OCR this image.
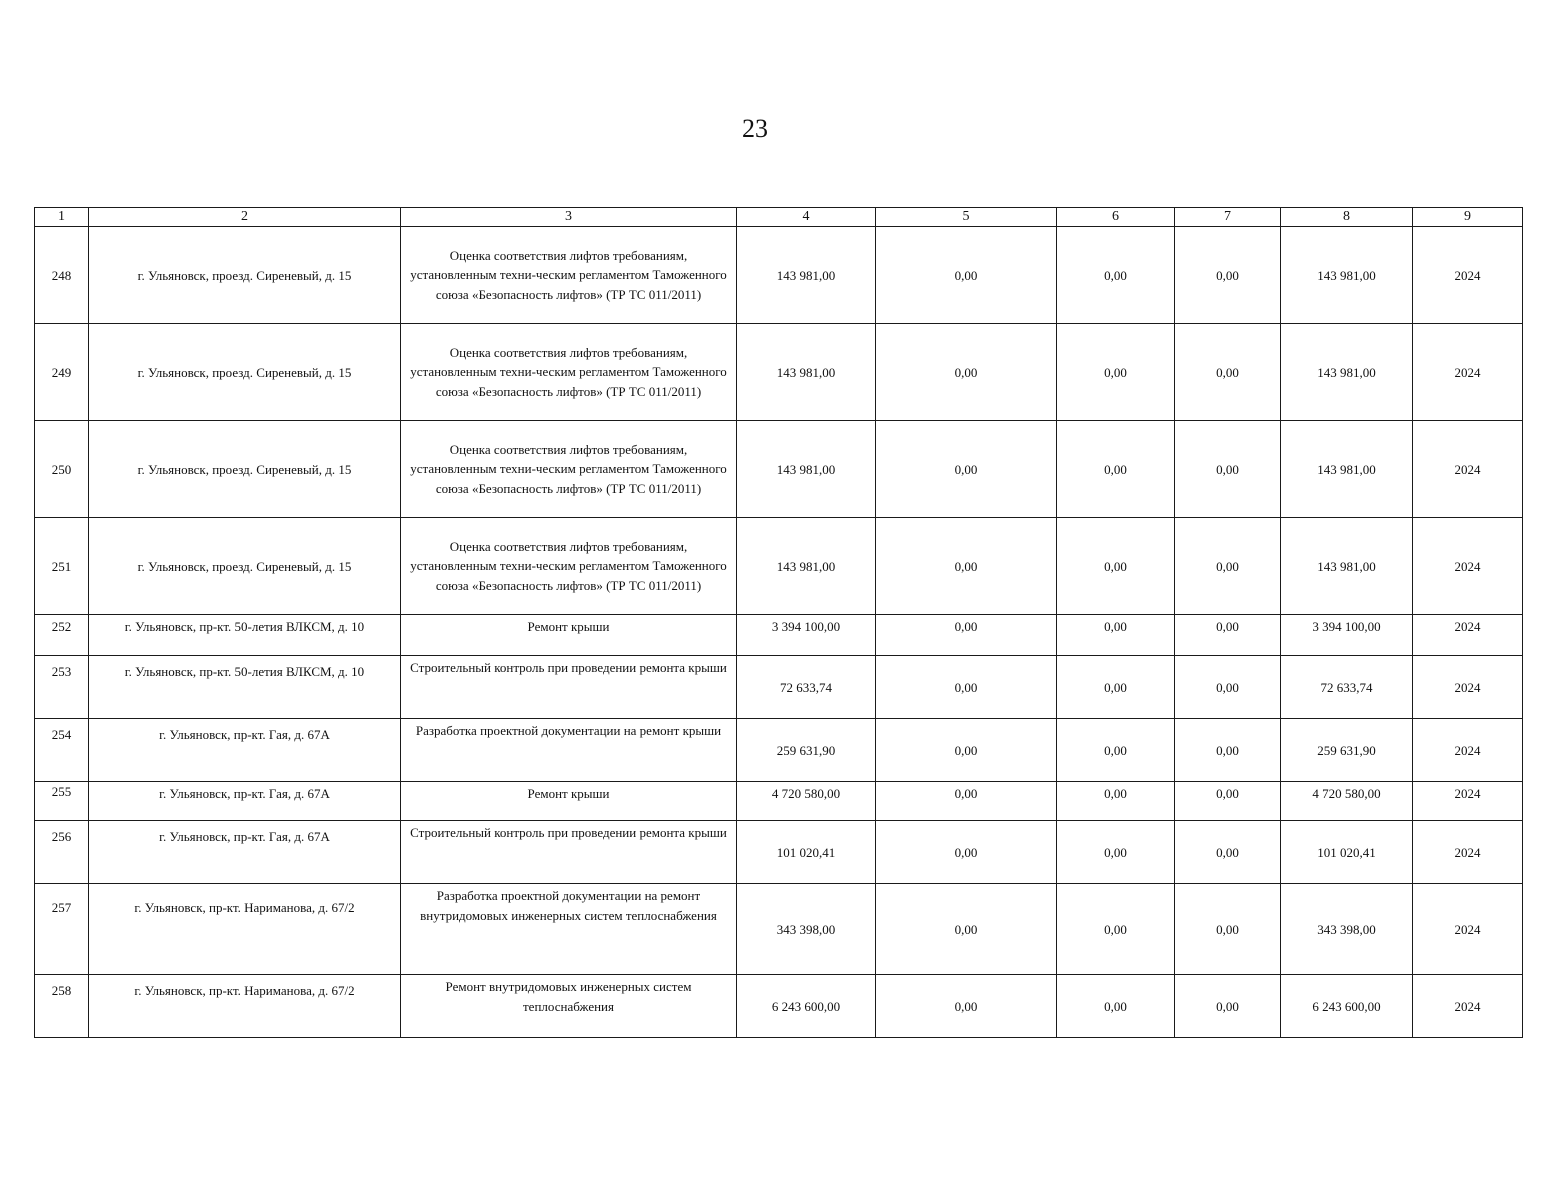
23
1	2	3	4	5	6	7	8	9
248	г. Ульяновск, проезд. Сиреневый, д. 15	Оценка соответствия лифтов требованиям, установленным техни-ческим регламентом Таможенного союза «Безопасность лифтов» (ТР ТС 011/2011)	143 981,00	0,00	0,00	0,00	143 981,00	2024
249	г. Ульяновск, проезд. Сиреневый, д. 15	Оценка соответствия лифтов требованиям, установленным техни-ческим регламентом Таможенного союза «Безопасность лифтов» (ТР ТС 011/2011)	143 981,00	0,00	0,00	0,00	143 981,00	2024
250	г. Ульяновск, проезд. Сиреневый, д. 15	Оценка соответствия лифтов требованиям, установленным техни-ческим регламентом Таможенного союза «Безопасность лифтов» (ТР ТС 011/2011)	143 981,00	0,00	0,00	0,00	143 981,00	2024
251	г. Ульяновск, проезд. Сиреневый, д. 15	Оценка соответствия лифтов требованиям, установленным техни-ческим регламентом Таможенного союза «Безопасность лифтов» (ТР ТС 011/2011)	143 981,00	0,00	0,00	0,00	143 981,00	2024
252	г. Ульяновск, пр-кт. 50-летия ВЛКСМ, д. 10	Ремонт крыши	3 394 100,00	0,00	0,00	0,00	3 394 100,00	2024
253	г. Ульяновск, пр-кт. 50-летия ВЛКСМ, д. 10	Строительный контроль при проведении ремонта крыши	72 633,74	0,00	0,00	0,00	72 633,74	2024
254	г. Ульяновск, пр-кт. Гая, д. 67А	Разработка проектной документации на ремонт крыши	259 631,90	0,00	0,00	0,00	259 631,90	2024
255	г. Ульяновск, пр-кт. Гая, д. 67А	Ремонт крыши	4 720 580,00	0,00	0,00	0,00	4 720 580,00	2024
256	г. Ульяновск, пр-кт. Гая, д. 67А	Строительный контроль при проведении ремонта крыши	101 020,41	0,00	0,00	0,00	101 020,41	2024
257	г. Ульяновск, пр-кт. Нариманова, д. 67/2	Разработка проектной документации на ремонт внутридомовых инженерных систем теплоснабжения	343 398,00	0,00	0,00	0,00	343 398,00	2024
258	г. Ульяновск, пр-кт. Нариманова, д. 67/2	Ремонт внутридомовых инженерных систем теплоснабжения	6 243 600,00	0,00	0,00	0,00	6 243 600,00	2024
